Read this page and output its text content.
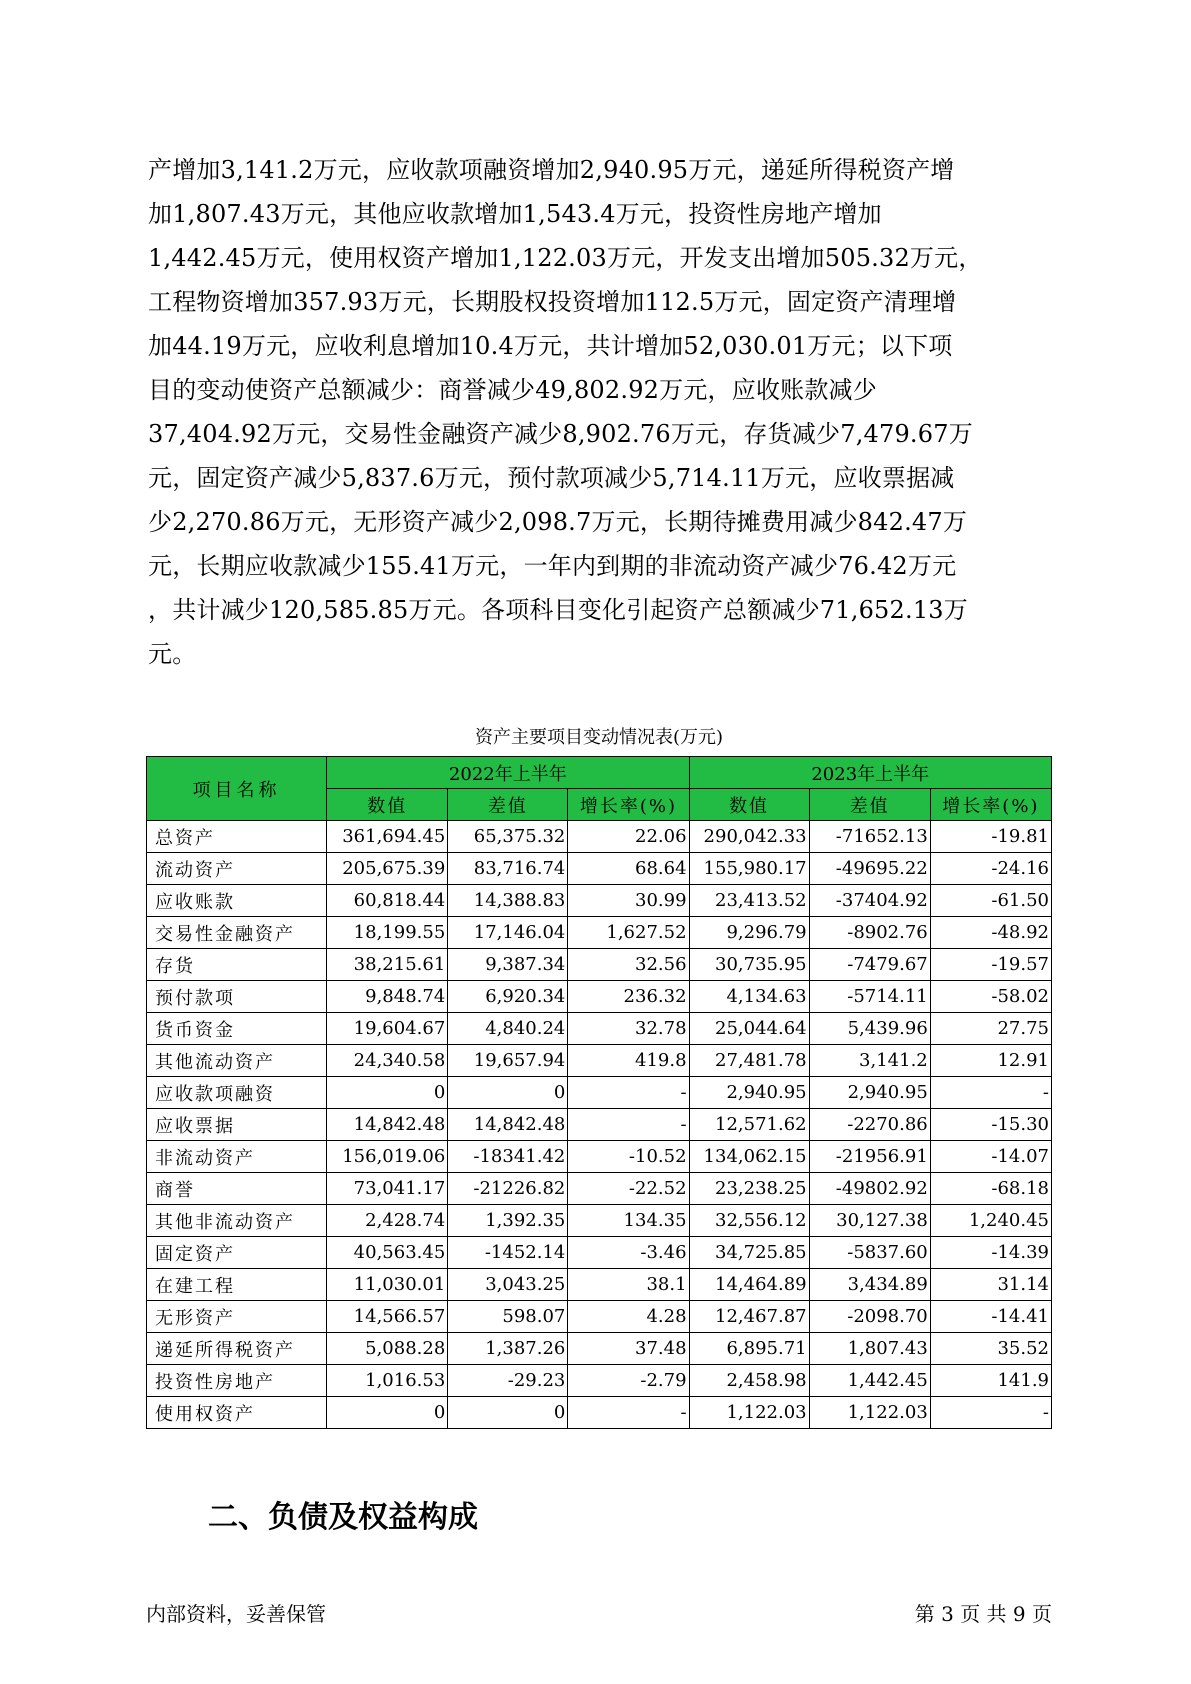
产增加3,141.2万元，应收款项融资增加2,940.95万元，递延所得税资产增
加1,807.43万元，其他应收款增加1,543.4万元，投资性房地产增加
1,442.45万元，使用权资产增加1,122.03万元，开发支出增加505.32万元，
工程物资增加357.93万元，长期股权投资增加112.5万元，固定资产清理增
加44.19万元，应收利息增加10.4万元，共计增加52,030.01万元；以下项
目的变动使资产总额减少：商誉减少49,802.92万元，应收账款减少
37,404.92万元，交易性金融资产减少8,902.76万元，存货减少7,479.67万
元，固定资产减少5,837.6万元，预付款项减少5,714.11万元，应收票据减
少2,270.86万元，无形资产减少2,098.7万元，长期待摊费用减少842.47万
元，长期应收款减少155.41万元，一年内到期的非流动资产减少76.42万元
，共计减少120,585.85万元。各项科目变化引起资产总额减少71,652.13万
元。
资产主要项目变动情况表(万元)
项目名称	2022年上半年			2023年上半年		
	数值	差值	增长率(%)	数值	差值	增长率(%)
总资产	361,694.45	65,375.32	22.06	290,042.33	-71652.13	-19.81
流动资产	205,675.39	83,716.74	68.64	155,980.17	-49695.22	-24.16
应收账款	60,818.44	14,388.83	30.99	23,413.52	-37404.92	-61.50
交易性金融资产	18,199.55	17,146.04	1,627.52	9,296.79	-8902.76	-48.92
存货	38,215.61	9,387.34	32.56	30,735.95	-7479.67	-19.57
预付款项	9,848.74	6,920.34	236.32	4,134.63	-5714.11	-58.02
货币资金	19,604.67	4,840.24	32.78	25,044.64	5,439.96	27.75
其他流动资产	24,340.58	19,657.94	419.8	27,481.78	3,141.2	12.91
应收款项融资	0	0	-	2,940.95	2,940.95	-
应收票据	14,842.48	14,842.48	-	12,571.62	-2270.86	-15.30
非流动资产	156,019.06	-18341.42	-10.52	134,062.15	-21956.91	-14.07
商誉	73,041.17	-21226.82	-22.52	23,238.25	-49802.92	-68.18
其他非流动资产	2,428.74	1,392.35	134.35	32,556.12	30,127.38	1,240.45
固定资产	40,563.45	-1452.14	-3.46	34,725.85	-5837.60	-14.39
在建工程	11,030.01	3,043.25	38.1	14,464.89	3,434.89	31.14
无形资产	14,566.57	598.07	4.28	12,467.87	-2098.70	-14.41
递延所得税资产	5,088.28	1,387.26	37.48	6,895.71	1,807.43	35.52
投资性房地产	1,016.53	-29.23	-2.79	2,458.98	1,442.45	141.9
使用权资产	0	0	-	1,122.03	1,122.03	-
二、负债及权益构成
内部资料，妥善保管	第 3 页 共 9 页
